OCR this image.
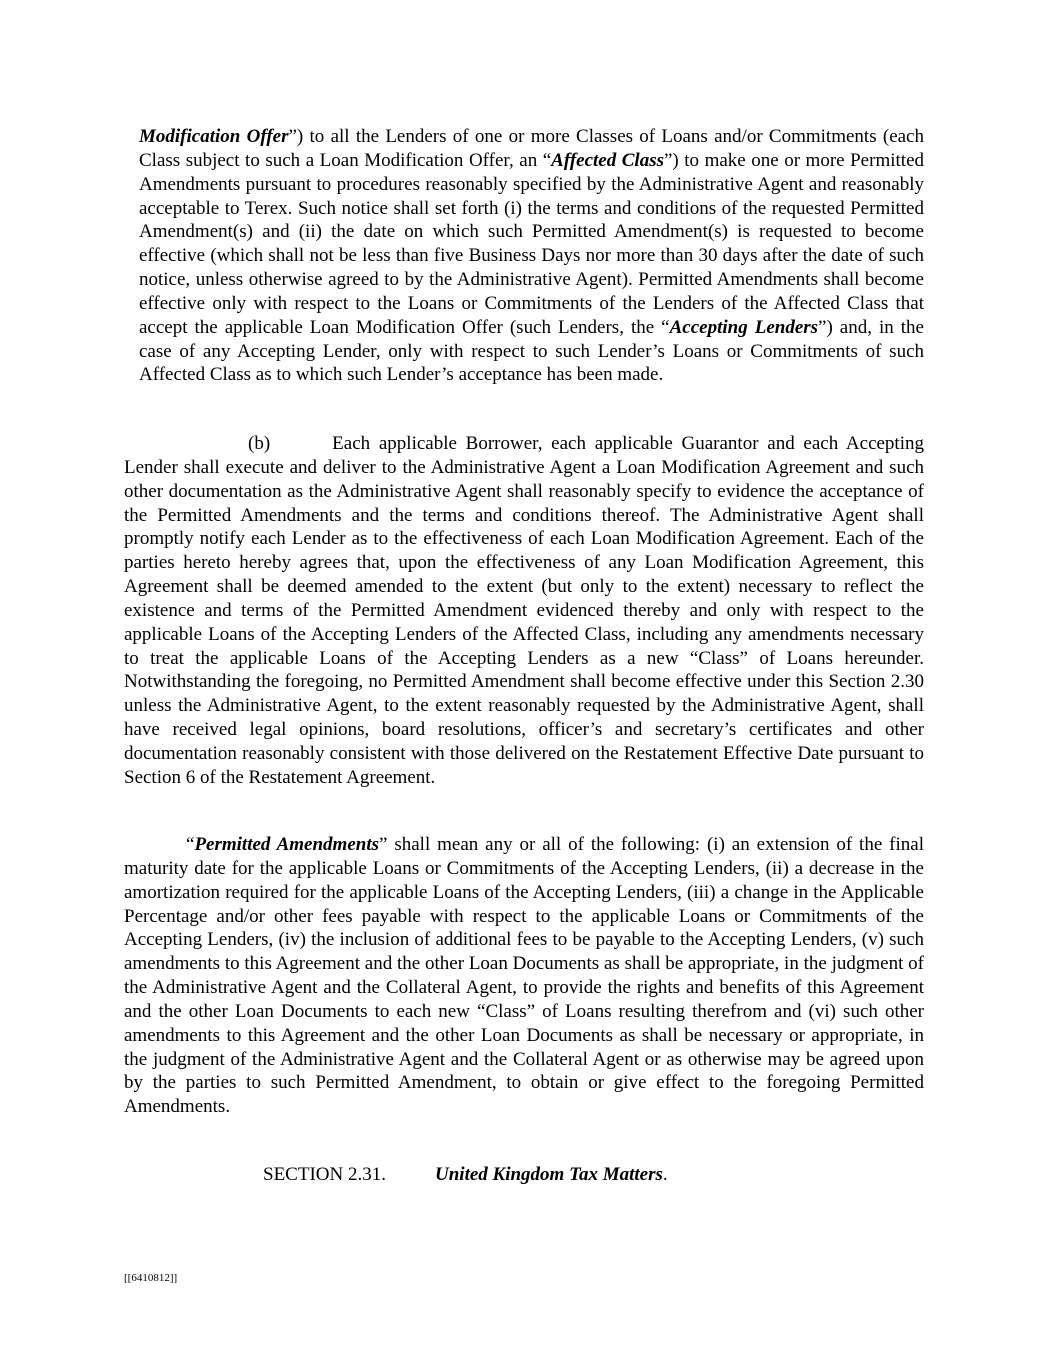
Modification Offer”) to all the Lenders of one or more Classes of Loans and/or Commitments (each Class subject to such a Loan Modification Offer, an “Affected Class”) to make one or more Permitted Amendments pursuant to procedures reasonably specified by the Administrative Agent and reasonably acceptable to Terex. Such notice shall set forth (i) the terms and conditions of the requested Permitted Amendment(s) and (ii) the date on which such Permitted Amendment(s) is requested to become effective (which shall not be less than five Business Days nor more than 30 days after the date of such notice, unless otherwise agreed to by the Administrative Agent). Permitted Amendments shall become effective only with respect to the Loans or Commitments of the Lenders of the Affected Class that accept the applicable Loan Modification Offer (such Lenders, the “Accepting Lenders”) and, in the case of any Accepting Lender, only with respect to such Lender’s Loans or Commitments of such Affected Class as to which such Lender’s acceptance has been made.

(b)	Each applicable Borrower, each applicable Guarantor and each Accepting Lender shall execute and deliver to the Administrative Agent a Loan Modification Agreement and such other documentation as the Administrative Agent shall reasonably specify to evidence the acceptance of the Permitted Amendments and the terms and conditions thereof. The Administrative Agent shall promptly notify each Lender as to the effectiveness of each Loan Modification Agreement. Each of the parties hereto hereby agrees that, upon the effectiveness of any Loan Modification Agreement, this Agreement shall be deemed amended to the extent (but only to the extent) necessary to reflect the existence and terms of the Permitted Amendment evidenced thereby and only with respect to the applicable Loans of the Accepting Lenders of the Affected Class, including any amendments necessary to treat the applicable Loans of the Accepting Lenders as a new “Class” of Loans hereunder. Notwithstanding the foregoing, no Permitted Amendment shall become effective under this Section 2.30 unless the Administrative Agent, to the extent reasonably requested by the Administrative Agent, shall have received legal opinions, board resolutions, officer’s and secretary’s certificates and other documentation reasonably consistent with those delivered on the Restatement Effective Date pursuant to Section 6 of the Restatement Agreement.

“Permitted Amendments” shall mean any or all of the following: (i) an extension of the final maturity date for the applicable Loans or Commitments of the Accepting Lenders, (ii) a decrease in the amortization required for the applicable Loans of the Accepting Lenders, (iii) a change in the Applicable Percentage and/or other fees payable with respect to the applicable Loans or Commitments of the Accepting Lenders, (iv) the inclusion of additional fees to be payable to the Accepting Lenders, (v) such amendments to this Agreement and the other Loan Documents as shall be appropriate, in the judgment of the Administrative Agent and the Collateral Agent, to provide the rights and benefits of this Agreement and the other Loan Documents to each new “Class” of Loans resulting therefrom and (vi) such other amendments to this Agreement and the other Loan Documents as shall be necessary or appropriate, in the judgment of the Administrative Agent and the Collateral Agent or as otherwise may be agreed upon by the parties to such Permitted Amendment, to obtain or give effect to the foregoing Permitted Amendments.

SECTION 2.31.	United Kingdom Tax Matters.
[[6410812]]
